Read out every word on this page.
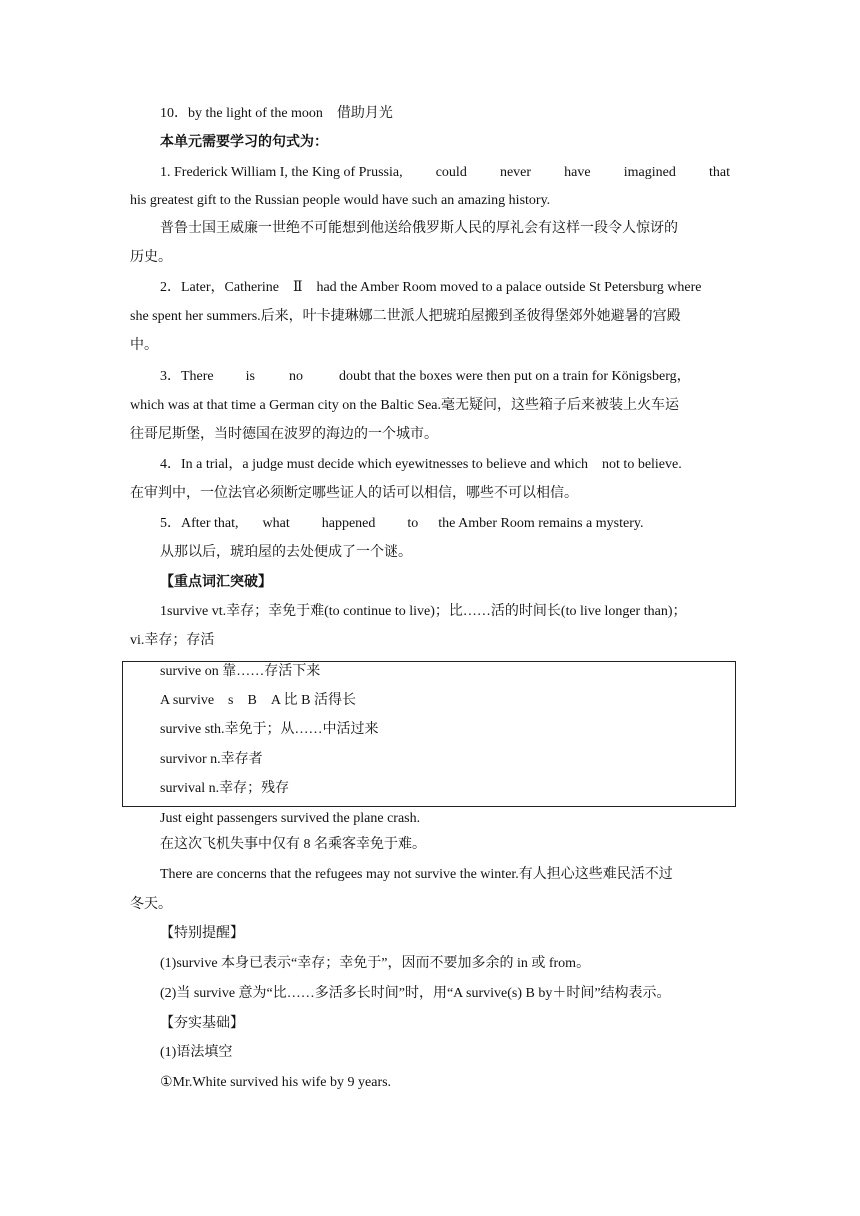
10．by the light of the moon　借助月光
本单元需要学习的句式为：
1. Frederick William I, the King of Prussia, could never have imagined that
his greatest gift to the Russian people would have such an amazing history.
普鲁士国王威廉一世绝不可能想到他送给俄罗斯人民的厚礼会有这样一段令人惊讶的
历史。
2．Later，Catherine　Ⅱ　had the Amber Room moved to a palace outside St Petersburg where
she spent her summers.后来，叶卡捷琳娜二世派人把琥珀屋搬到圣彼得堡郊外她避暑的宫殿
中。
3．There is no	doubt that the boxes were then put on a train for Königsberg，
which was at that time a German city on the Baltic Sea.毫无疑问，这些箱子后来被装上火车运
往哥尼斯堡，当时德国在波罗的海边的一个城市。
4．In a trial，a judge must decide which eyewitnesses to believe and which　not to believe.
在审判中，一位法官必须断定哪些证人的话可以相信，哪些不可以相信。
5．After that, what happened to the Amber Room remains a mystery.
从那以后，琥珀屋的去处便成了一个谜。
【重点词汇突破】
1survive vt.幸存；幸免于难(to continue to live)；比……活的时间长(to live longer than)；
vi.幸存；存活
survive on 靠……存活下来
A survive　s　B　A 比 B 活得长
survive sth.幸免于；从……中活过来
survivor n.幸存者
survival n.幸存；残存
Just eight passengers survived the plane crash.
在这次飞机失事中仅有 8 名乘客幸免于难。
There are concerns that the refugees may not survive the winter.有人担心这些难民活不过
冬天。
【特别提醒】
(1)survive 本身已表示“幸存；幸免于”，因而不要加多余的 in 或 from。
(2)当 survive 意为“比……多活多长时间”时，用“A survive(s) B by＋时间”结构表示。
【夯实基础】
(1)语法填空
①Mr.White survived his wife by 9 years.
